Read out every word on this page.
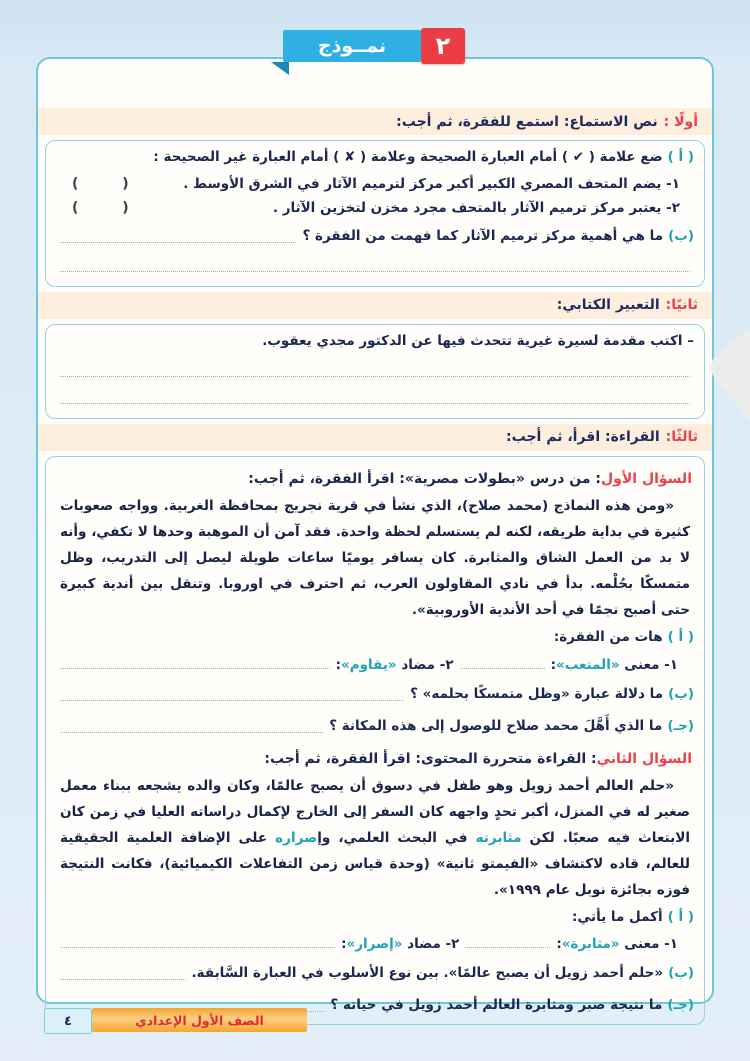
أولًا :
نص الاستماع: استمع للفقرة، ثم أجب:
( أ )
ضع علامة ( ✔ ) أمام العبارة الصحيحة وعلامة ( ✘ ) أمام العبارة غير الصحيحة :
١- يضم المتحف المصري الكبير أكبر مركز لترميم الآثار في الشرق الأوسط .
(         )
٢- يعتبر مركز ترميم الآثار بالمتحف مجرد مخزن لتخزين الآثار .
(         )
(ب)
ما هي أهمية مركز ترميم الآثار كما فهمت من الفقرة ؟
ثانيًا:
التعبير الكتابي:
– اكتب مقدمة لسيرة غيرية تتحدث فيها عن الدكتور مجدي يعقوب.
ثالثًا:
القراءة: اقرأ، ثم أجب:
السؤال الأول
: من درس «بطولات مصرية»: اقرأ الفقرة، ثم أجب:
«ومن هذه النماذج (محمد صلاح)، الذي نشأ في قرية نجريج بمحافظة الغربية. وواجه صعوبات كثيرة في بداية طريقه، لكنه لم يستسلم لحظة واحدة. فقد آمن أن الموهبة وحدها لا تكفي، وأنه لا بد من العمل الشاق والمثابرة. كان يسافر يوميًا ساعات طويلة ليصل إلى التدريب، وظل متمسكًا بحُلْمه. بدأ في نادي المقاولون العرب، ثم احترف في اوروبا. وتنقل بين أندية كبيرة حتى أصبح نجمًا في أحد الأندية الأوروبية».
( أ )
هات من الفقرة:
١- معنى

«المتعب»
:
٢- مضاد

«يقاوم»
:
(ب)
ما دلالة عبارة «وظل متمسكًا بحلمه» ؟
(جـ)
ما الذي أَهَّلَ محمد صلاح للوصول إلى هذه المكانة ؟
السؤال الثاني
: القراءة متحررة المحتوى: اقرأ الفقرة، ثم أجب:
«حلم العالم أحمد زويل وهو طفل في دسوق أن يصبح عالمًا، وكان والده يشجعه ببناء معمل صغير له في المنزل، أكبر تحدٍ واجهه كان السفر إلى الخارج لإكمال دراساته العليا في زمن كان الابتعاث فيه صعبًا. لكن مثابرته في البحث العلمي، وإصراره على الإضافة العلمية الحقيقية للعالم، قاده لاكتشاف «الفيمتو ثانية» (وحدة قياس زمن التفاعلات الكيميائية)، فكانت النتيجة فوزه بجائزة نوبل عام ١٩٩٩».
( أ )
أكمل ما يأتي:
١- معنى

«مثابرة»
:
٢- مضاد

«إصرار»
:
(ب)
«حلم أحمد زويل أن يصبح عالمًا». بين نوع الأسلوب في العبارة السَّابقة.
(جـ)
ما نتيجة صبر ومثابرة العالم أحمد زويل في حياته ؟
٢
نمــوذج
٤	الصف الأول الإعدادي
